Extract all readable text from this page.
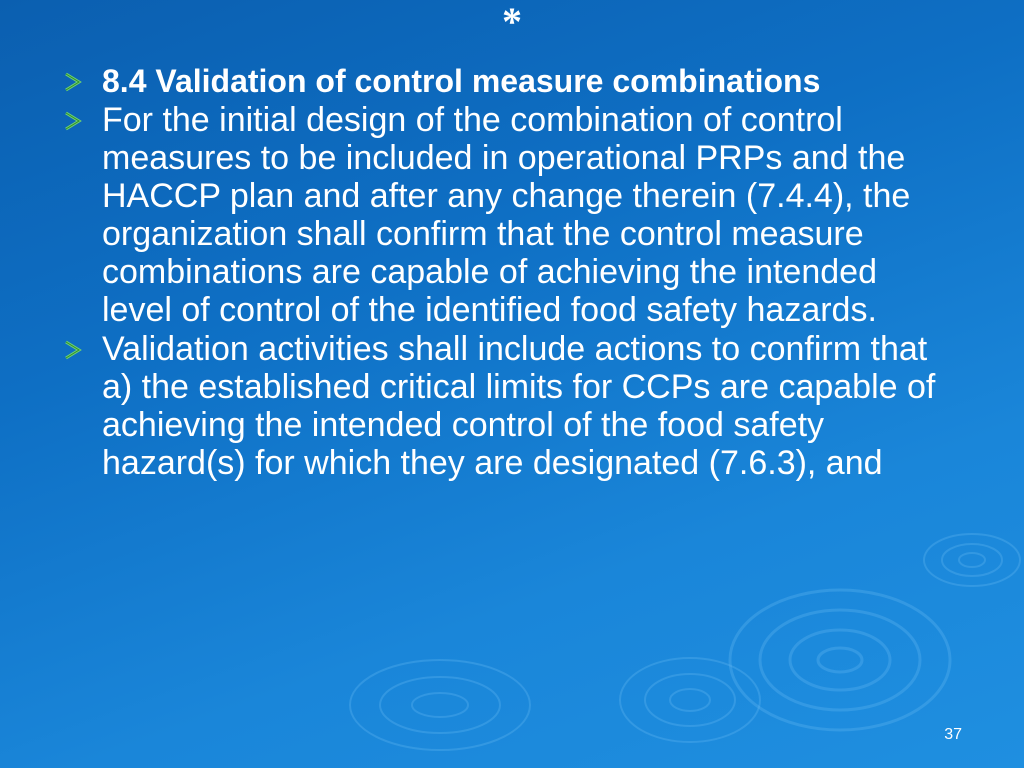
*
8.4 Validation of control measure combinations
For the initial design of the combination of control measures to be included in operational PRPs and the HACCP plan and after any change therein (7.4.4), the organization shall confirm that the control measure combinations are capable of achieving the intended level of control of the identified food safety hazards.
Validation activities shall include actions to confirm that a) the established critical limits for CCPs are capable of achieving the intended control of the food safety hazard(s) for which they are designated (7.6.3), and
37
